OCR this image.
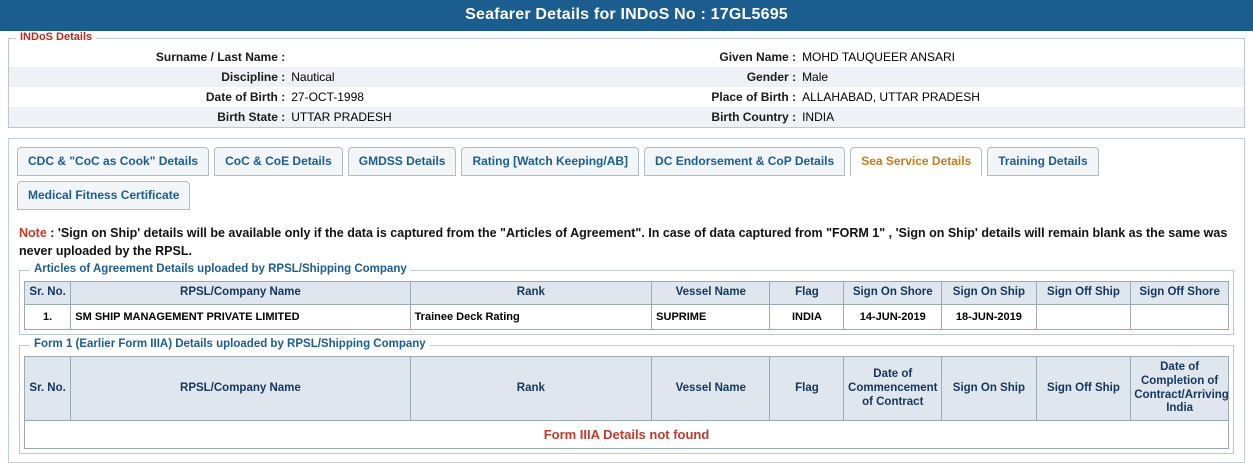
Seafarer Details for INDoS No : 17GL5695
INDoS Details
Surname / Last Name :	Given Name : MOHD TAUQUEER ANSARI

Discipline : Nautical	Gender : Male

Date of Birth : 27-OCT-1998	Place of Birth : ALLAHABAD, UTTAR PRADESH

Birth State : UTTAR PRADESH	Birth Country : INDIA
CDC & "CoC as Cook" Details	CoC & CoE Details	GMDSS Details	Rating [Watch Keeping/AB]	DC Endorsement & CoP Details	Sea Service Details	Training Details
Medical Fitness Certificate
Note : 'Sign on Ship' details will be available only if the data is captured from the "Articles of Agreement". In case of data captured from "FORM 1" , 'Sign on Ship' details will remain blank as the same was never uploaded by the RPSL.
Articles of Agreement Details uploaded by RPSL/Shipping Company
Sr. No.	RPSL/Company Name	Rank	Vessel Name	Flag	Sign On Shore	Sign On Ship	Sign Off Ship	Sign Off Shore
1.	SM SHIP MANAGEMENT PRIVATE LIMITED	Trainee Deck Rating	SUPRIME	INDIA	14-JUN-2019	18-JUN-2019		
Form 1 (Earlier Form IIIA) Details uploaded by RPSL/Shipping Company
Sr. No.	RPSL/Company Name	Rank	Vessel Name	Flag	Date of Commencement of Contract	Sign On Ship	Sign Off Ship	Date of Completion of Contract/Arriving India
Form IIIA Details not found
